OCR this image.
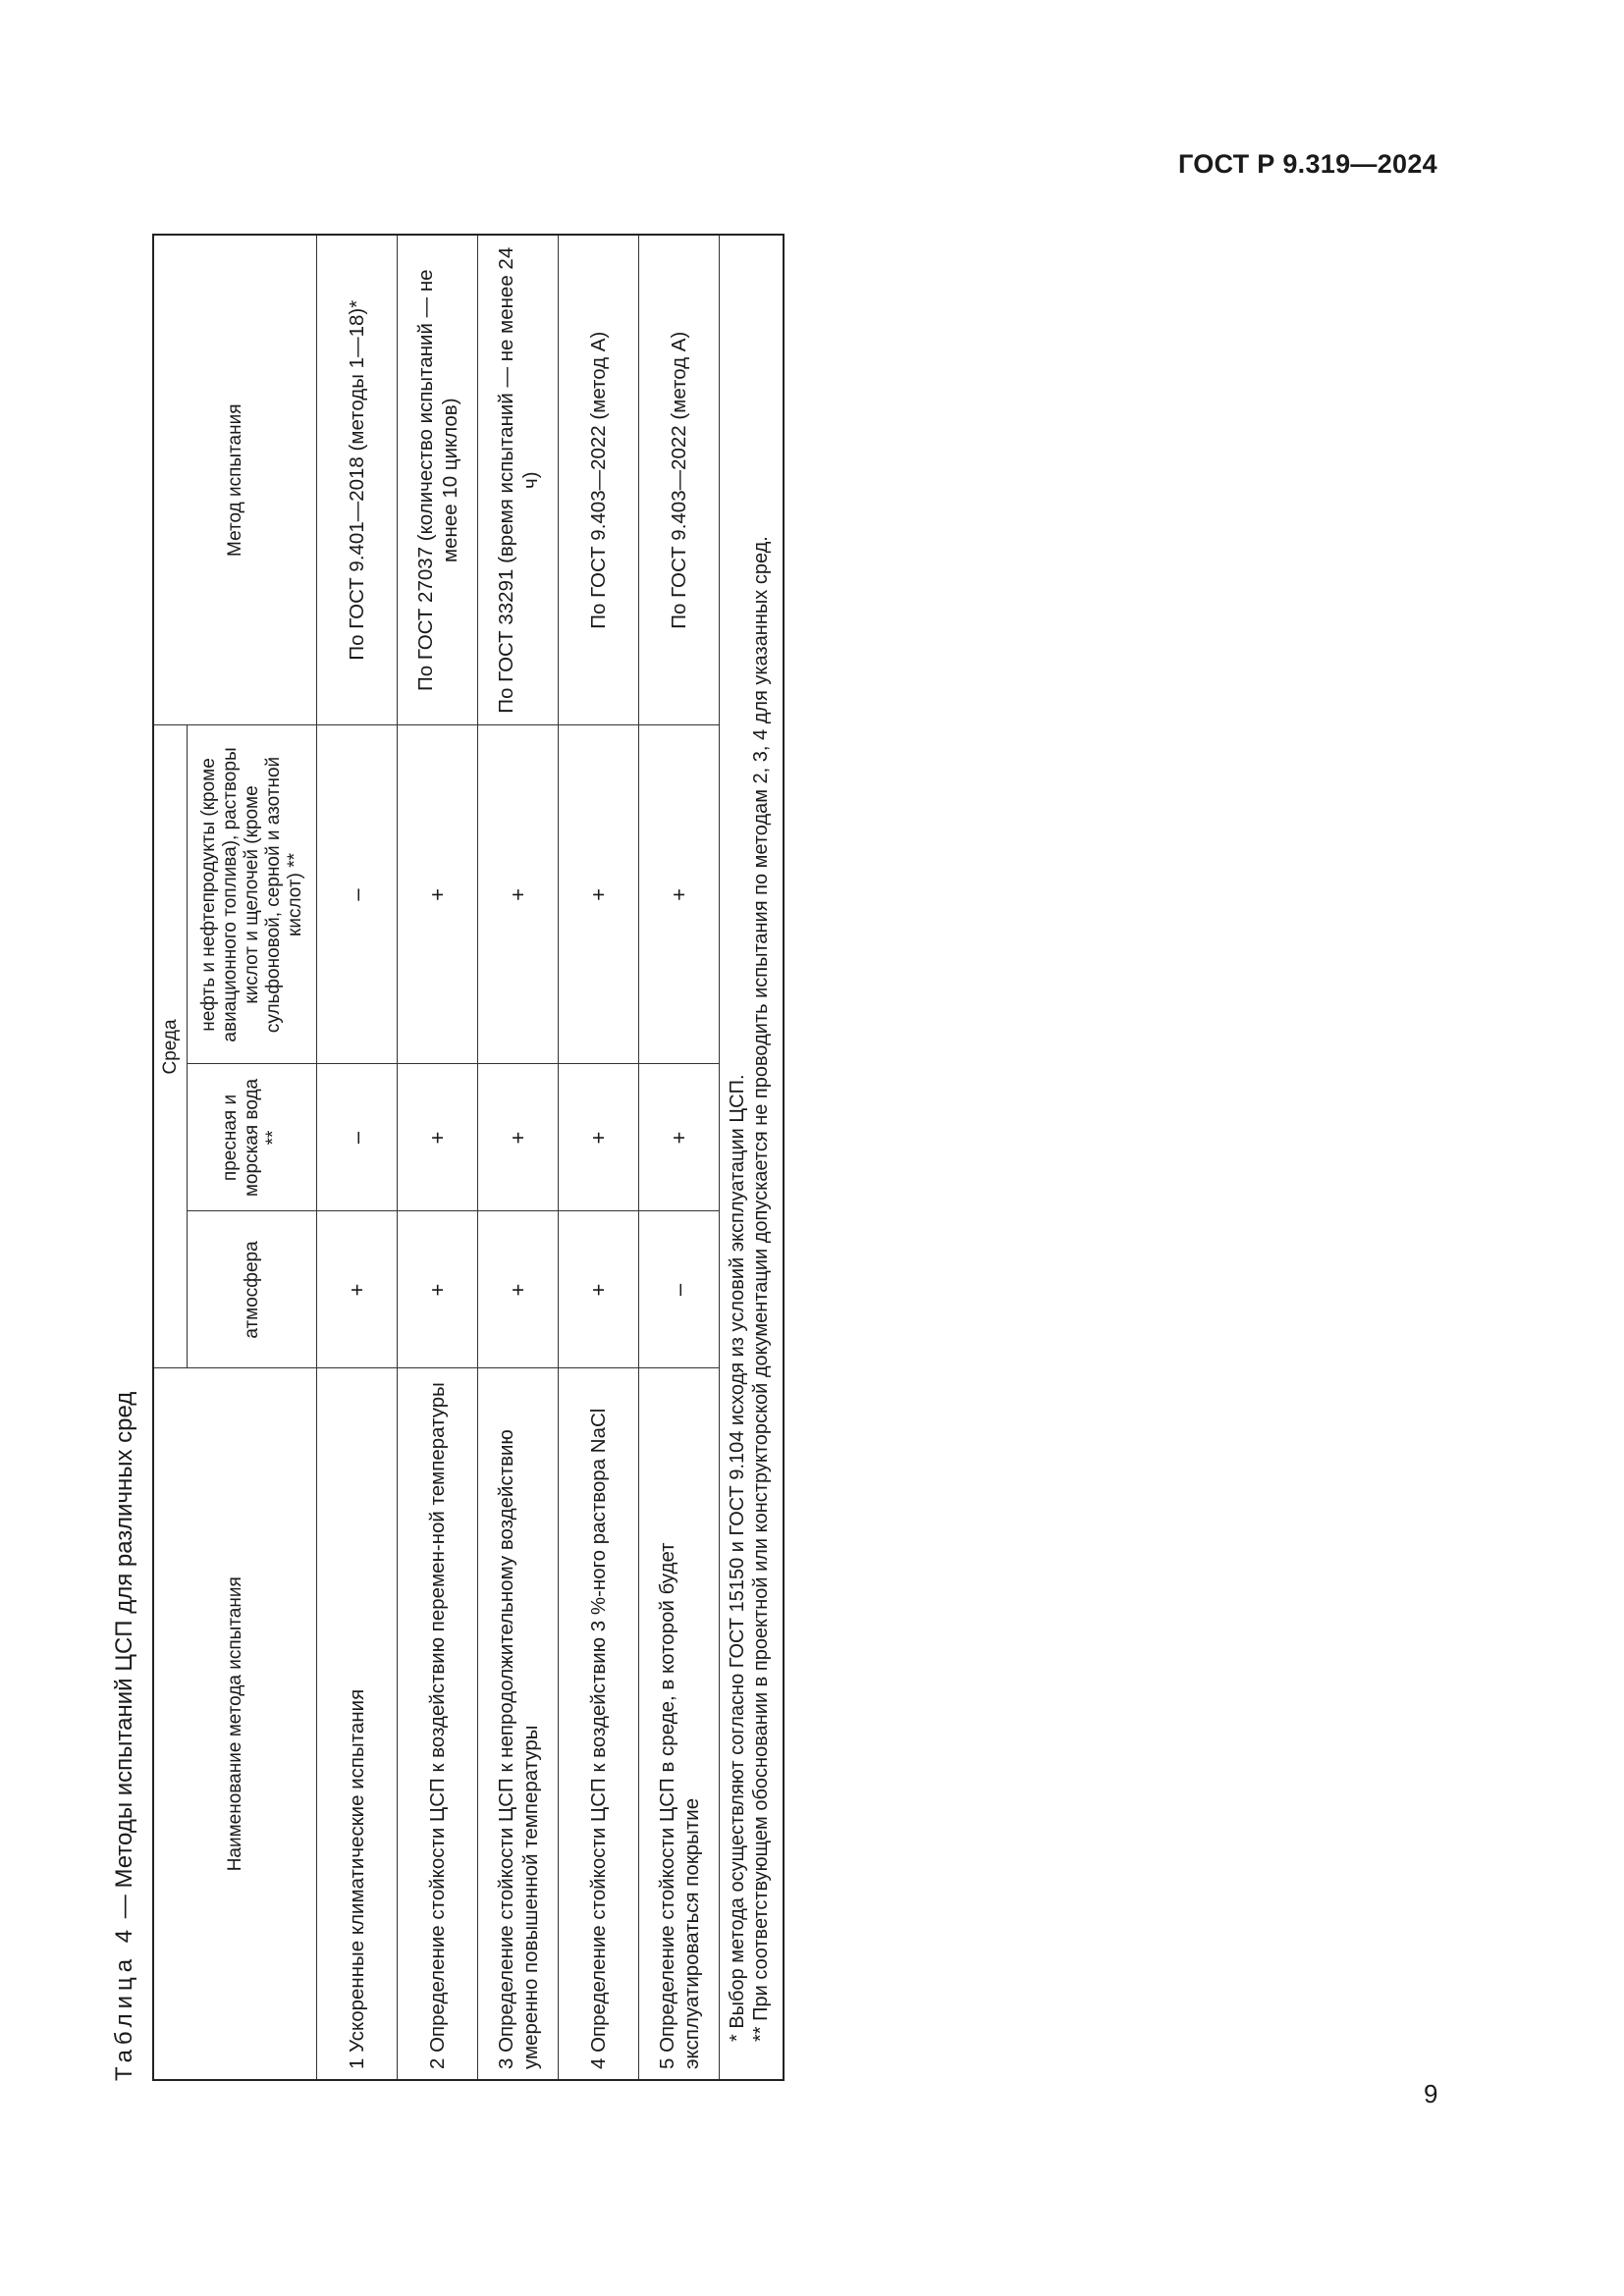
ГОСТ Р 9.319—2024
Таблица 4 — Методы испытаний ЦСП для различных сред	Наименование метода испытания	Среда			Метод испытания
	атмосфера	пресная и морская вода **	нефть и нефтепродукты (кроме авиационного топлива), растворы кислот и щелочей (кроме сульфоновой, серной и азотной кислот) **	
1 Ускоренные климатические испытания	+	–	–	По ГОСТ 9.401—2018 (методы 1—18)*
2 Определение стойкости ЦСП к воздействию перемен-ной температуры	+	+	+	По ГОСТ 27037 (количество испытаний — не менее 10 циклов)
3 Определение стойкости ЦСП к непродолжительному воздействию умеренно повышенной температуры	+	+	+	По ГОСТ 33291 (время испытаний — не менее 24 ч)
4 Определение стойкости ЦСП к воздействию 3 %-ного раствора NaCl	+	+	+	По ГОСТ 9.403—2022 (метод А)
5 Определение стойкости ЦСП в среде, в которой будет эксплуатироваться покрытие	–	+	+	По ГОСТ 9.403—2022 (метод А)

* Выбор метода осуществляют согласно ГОСТ 15150 и ГОСТ 9.104 исходя из условий эксплуатации ЦСП. ** При соответствующем обосновании в проектной или конструкторской документации допускается не проводить испытания по методам 2, 3, 4 для указанных сред.				
9
